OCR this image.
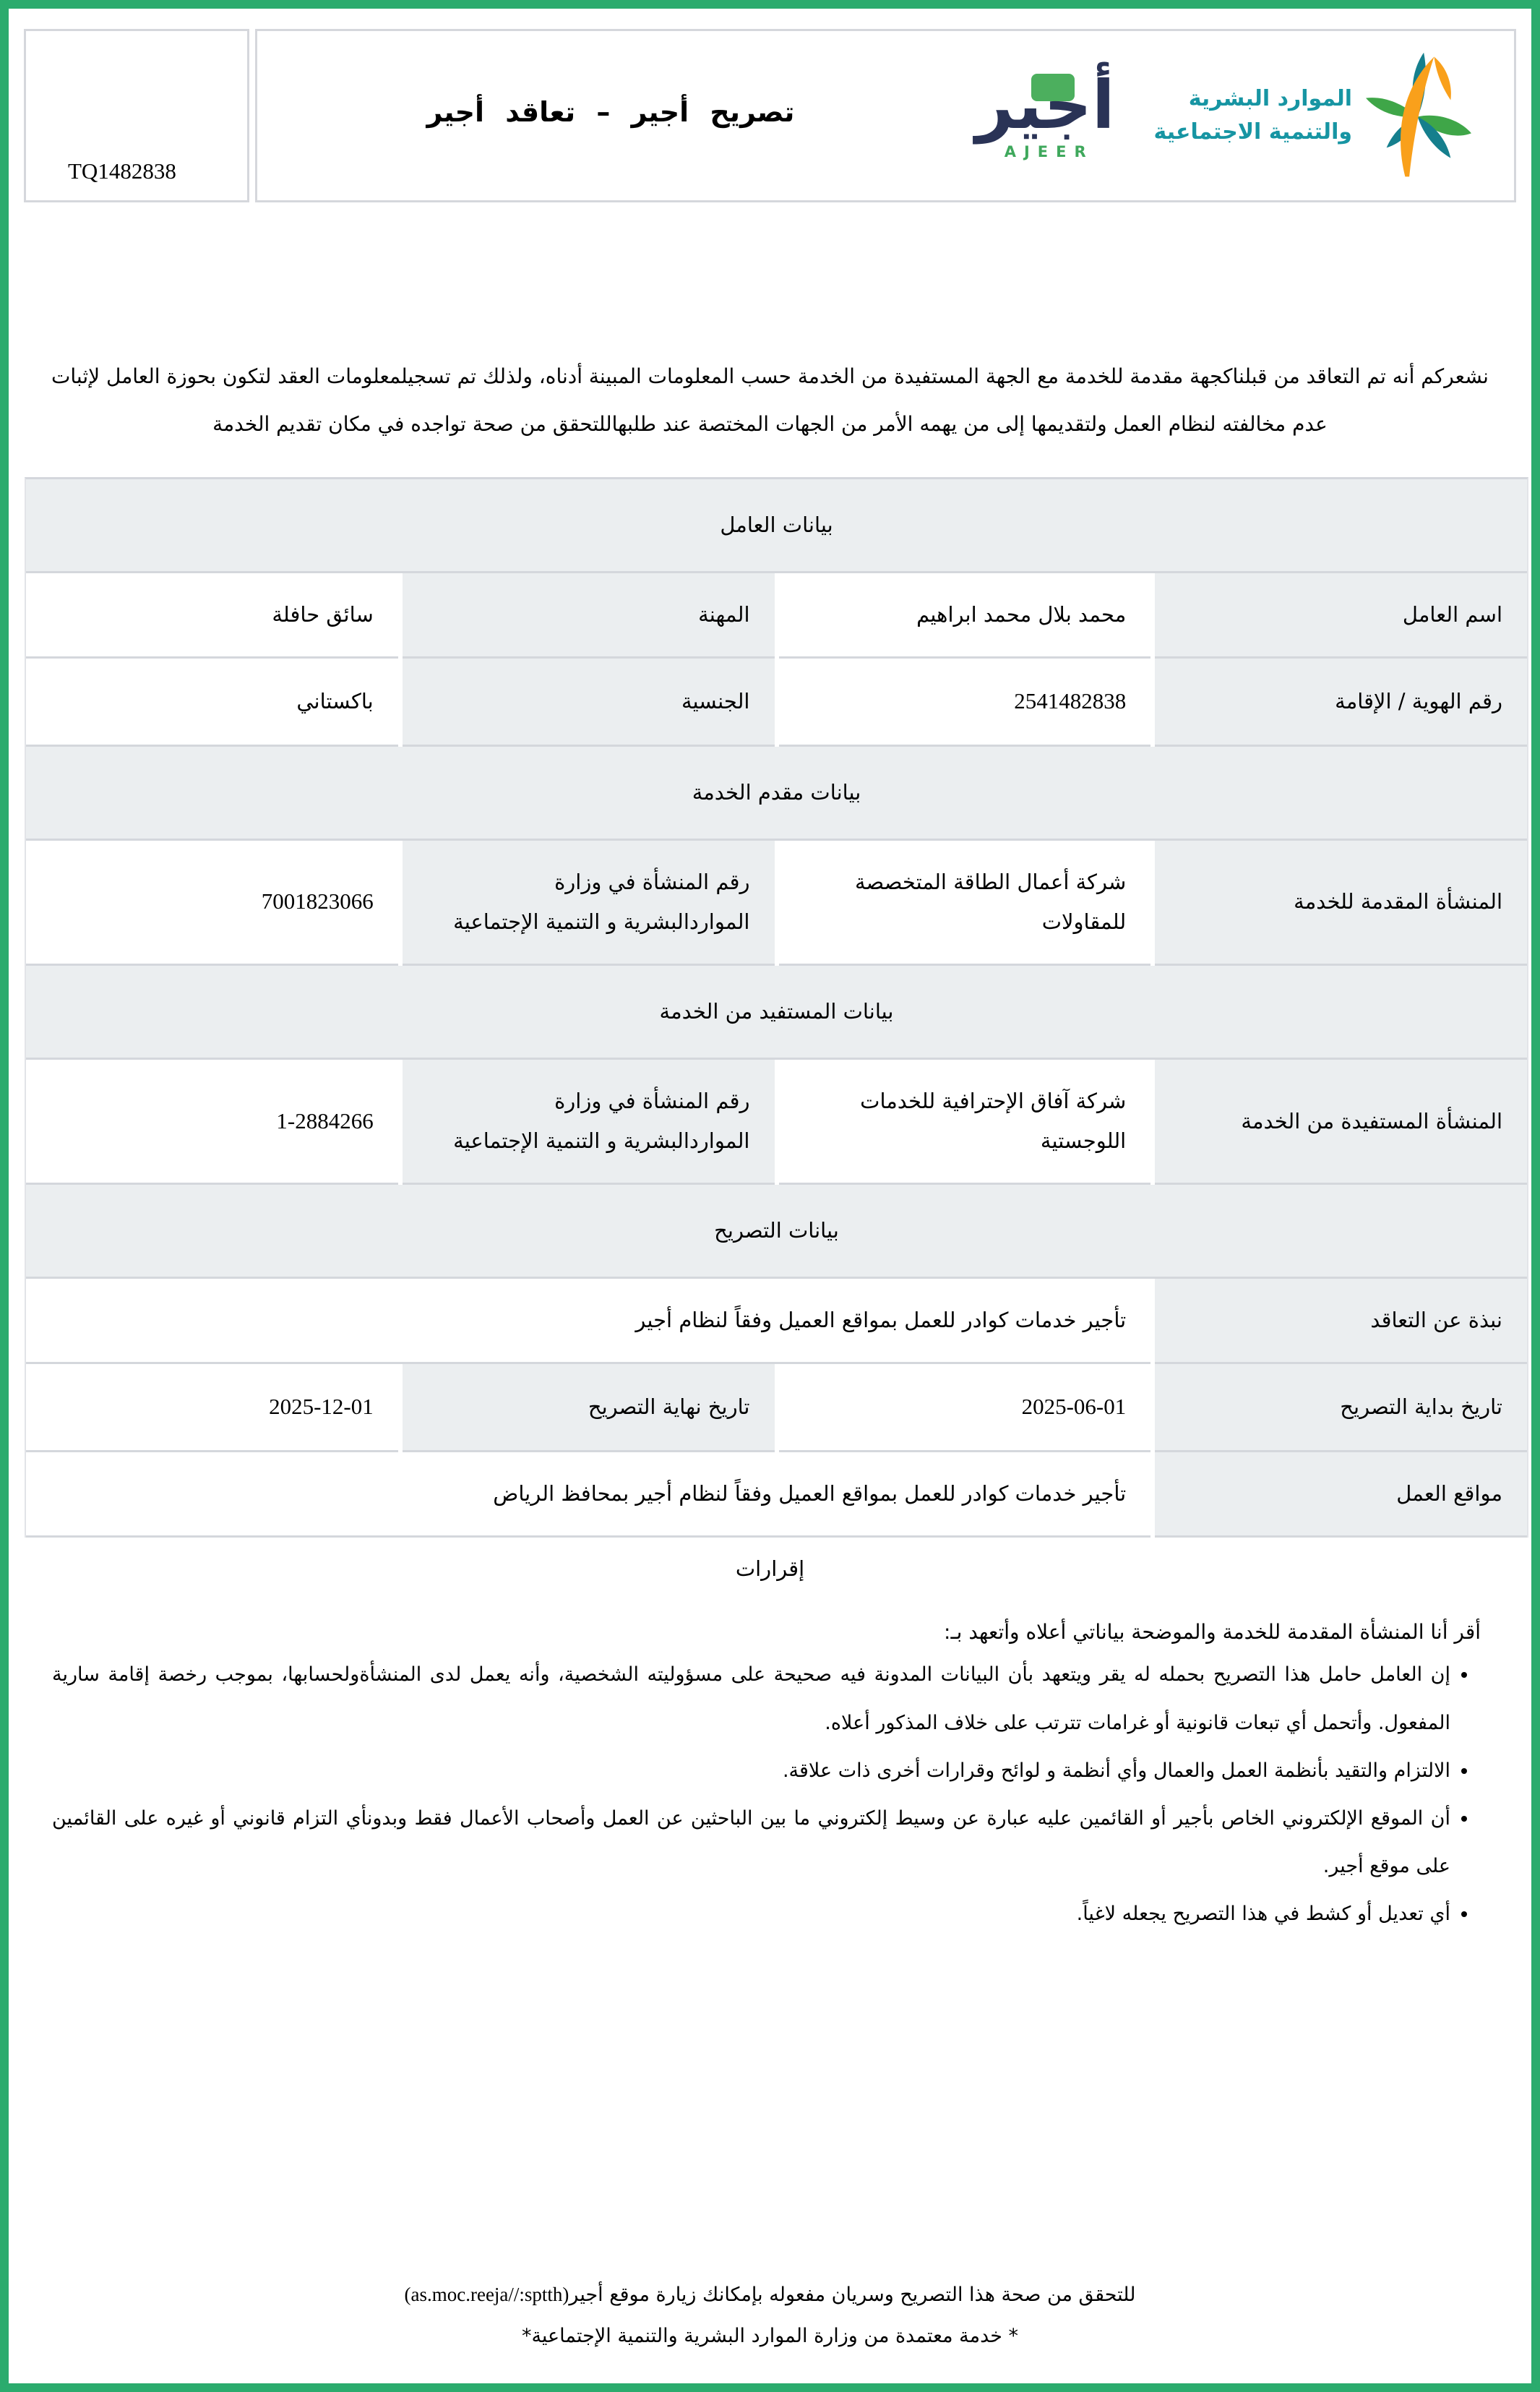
الموارد البشرية
والتنمية الاجتماعية
أجير
AJEER
تصريح أجير – تعاقد أجير
TQ1482838
نشعركم أنه تم التعاقد من قبلناكجهة مقدمة للخدمة مع الجهة المستفيدة من الخدمة حسب المعلومات المبينة أدناه، ولذلك تم تسجيلمعلومات العقد لتكون بحوزة العامل لإثبات عدم مخالفته لنظام العمل ولتقديمها إلى من يهمه الأمر من الجهات المختصة عند طلبهاللتحقق من صحة تواجده في مكان تقديم الخدمة
بيانات العامل
اسم العامل
محمد بلال محمد ابراهيم
المهنة
سائق حافلة
رقم الهوية / الإقامة
2541482838
الجنسية
باكستاني
بيانات مقدم الخدمة
المنشأة المقدمة للخدمة
شركة أعمال الطاقة المتخصصة للمقاولات
رقم المنشأة في وزارة المواردالبشرية و التنمية الإجتماعية
7001823066
بيانات المستفيد من الخدمة
المنشأة المستفيدة من الخدمة
شركة آفاق الإحترافية للخدمات اللوجستية
رقم المنشأة في وزارة المواردالبشرية و التنمية الإجتماعية
1-2884266
بيانات التصريح
نبذة عن التعاقد
تأجير خدمات كوادر للعمل بمواقع العميل وفقاً لنظام أجير
تاريخ بداية التصريح
2025-06-01
تاريخ نهاية التصريح
2025-12-01
مواقع العمل
تأجير خدمات كوادر للعمل بمواقع العميل وفقاً لنظام أجير بمحافظ الرياض
إقرارات
أقر أنا المنشأة المقدمة للخدمة والموضحة بياناتي أعلاه وأتعهد بـ:
• إن العامل حامل هذا التصريح بحمله له يقر ويتعهد بأن البيانات المدونة فيه صحيحة على مسؤوليته الشخصية، وأنه يعمل لدى المنشأةولحسابها، بموجب رخصة إقامة سارية المفعول. وأتحمل أي تبعات قانونية أو غرامات تترتب على خلاف المذكور أعلاه.
• الالتزام والتقيد بأنظمة العمل والعمال وأي أنظمة و لوائح وقرارات أخرى ذات علاقة.
• أن الموقع الإلكتروني الخاص بأجير أو القائمين عليه عبارة عن وسيط إلكتروني ما بين الباحثين عن العمل وأصحاب الأعمال فقط وبدونأي التزام قانوني أو غيره على القائمين على موقع أجير.
• أي تعديل أو كشط في هذا التصريح يجعله لاغياً.
للتحقق من صحة هذا التصريح وسريان مفعوله بإمكانك زيارة موقع أجير(as.moc.reeja//:sptth)
* خدمة معتمدة من وزارة الموارد البشرية والتنمية الإجتماعية*
